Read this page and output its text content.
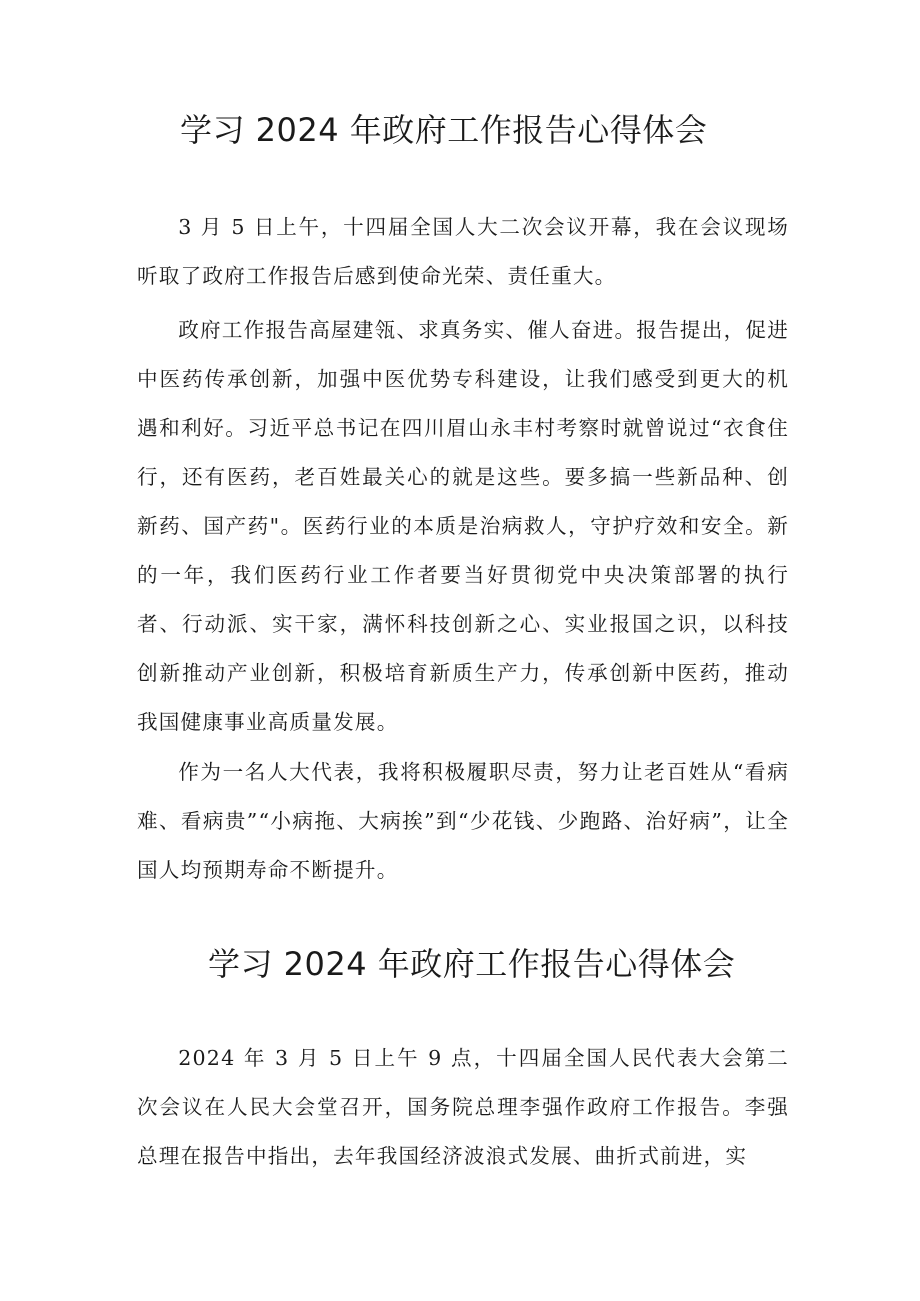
学习 2024 年政府工作报告心得体会

3 月 5 日上午，十四届全国人大二次会议开幕，我在会议现场听取了政府工作报告后感到使命光荣、责任重大。

政府工作报告高屋建瓴、求真务实、催人奋进。报告提出，促进中医药传承创新，加强中医优势专科建设，让我们感受到更大的机遇和利好。习近平总书记在四川眉山永丰村考察时就曾说过“衣食住行，还有医药，老百姓最关心的就是这些。要多搞一些新品种、创新药、国产药"。医药行业的本质是治病救人，守护疗效和安全。新的一年，我们医药行业工作者要当好贯彻党中央决策部署的执行者、行动派、实干家，满怀科技创新之心、实业报国之识，以科技创新推动产业创新，积极培育新质生产力，传承创新中医药，推动我国健康事业高质量发展。

作为一名人大代表，我将积极履职尽责，努力让老百姓从“看病难、看病贵”“小病拖、大病挨”到“少花钱、少跑路、治好病”，让全国人均预期寿命不断提升。

学习 2024 年政府工作报告心得体会

2024 年 3 月 5 日上午 9 点，十四届全国人民代表大会第二次会议在人民大会堂召开，国务院总理李强作政府工作报告。李强总理在报告中指出，去年我国经济波浪式发展、曲折式前进，实
